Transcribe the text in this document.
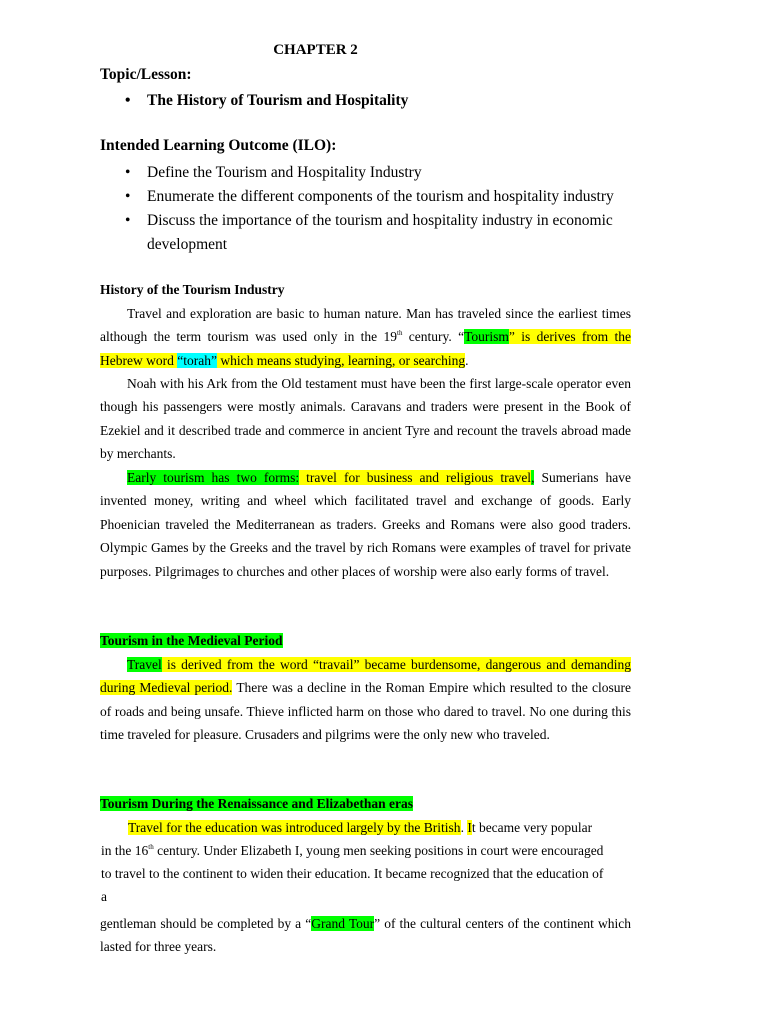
CHAPTER 2
Topic/Lesson:
• The History of Tourism and Hospitality
Intended Learning Outcome (ILO):
• Define the Tourism and Hospitality Industry
• Enumerate the different components of the tourism and hospitality industry
• Discuss the importance of the tourism and hospitality industry in economic
development
History of the Tourism Industry
Travel and exploration are basic to human nature. Man has traveled since the earliest times although the term tourism was used only in the 19th century. “Tourism” is derives from the Hebrew word “torah” which means studying, learning, or searching.
Noah with his Ark from the Old testament must have been the first large-scale operator even though his passengers were mostly animals. Caravans and traders were present in the Book of Ezekiel and it described trade and commerce in ancient Tyre and recount the travels abroad made by merchants.
Early tourism has two forms: travel for business and religious travel, Sumerians have invented money, writing and wheel which facilitated travel and exchange of goods. Early Phoenician traveled the Mediterranean as traders. Greeks and Romans were also good traders. Olympic Games by the Greeks and the travel by rich Romans were examples of travel for private purposes. Pilgrimages to churches and other places of worship were also early forms of travel.
Tourism in the Medieval Period
Travel is derived from the word “travail” became burdensome, dangerous and demanding during Medieval period. There was a decline in the Roman Empire which resulted to the closure of roads and being unsafe. Thieve inflicted harm on those who dared to travel. No one during this time traveled for pleasure. Crusaders and pilgrims were the only new who traveled.
Tourism During the Renaissance and Elizabethan eras
Travel for the education was introduced largely by the British. It became very popular
in the 16th century. Under Elizabeth I, young men seeking positions in court were encouraged
to travel to the continent to widen their education. It became recognized that the education of
a
gentleman should be completed by a “Grand Tour” of the cultural centers of the continent which lasted for three years.
